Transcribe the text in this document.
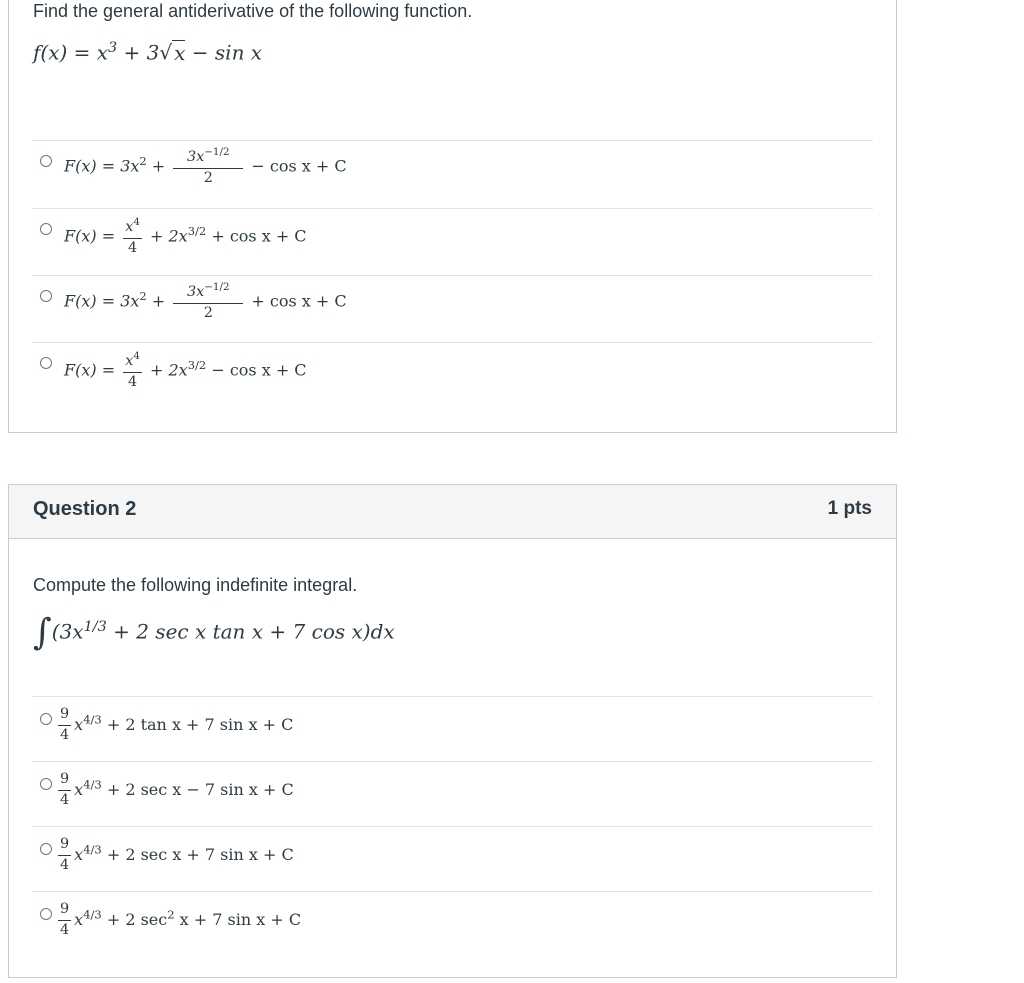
Find the general antiderivative of the following function.
$f(x) = x^3 + 3√$ x − sin x
$F(x) = 3x^2 + \frac{3x^{-1/2}}{2} - \cos x + C$
$F(x) = \frac{x^4}{4} + 2x^{3/2} + \cos x + C$
$F(x) = 3x^2 + \frac{3x^{-1/2}}{2} + \cos x + C$
$F(x) = \frac{x^4}{4} + 2x^{3/2} - \cos x + C$
Question 2	1 pts
Compute the following indefinite integral.
$\int(3x^{1/3} + 2$ sec x tan x + 7 cos x)dx
$\frac{9}{4} x^{4/3} + 2$ tan x + 7 sin x + C
$\frac{9}{4} x^{4/3} + 2$ sec x − 7 sin x + C
$\frac{9}{4} x^{4/3} + 2$ sec x + 7 sin x + C
$\frac{9}{4} x^{4/3} + 2$ $\sec^2 x + 7$ sin x + C
